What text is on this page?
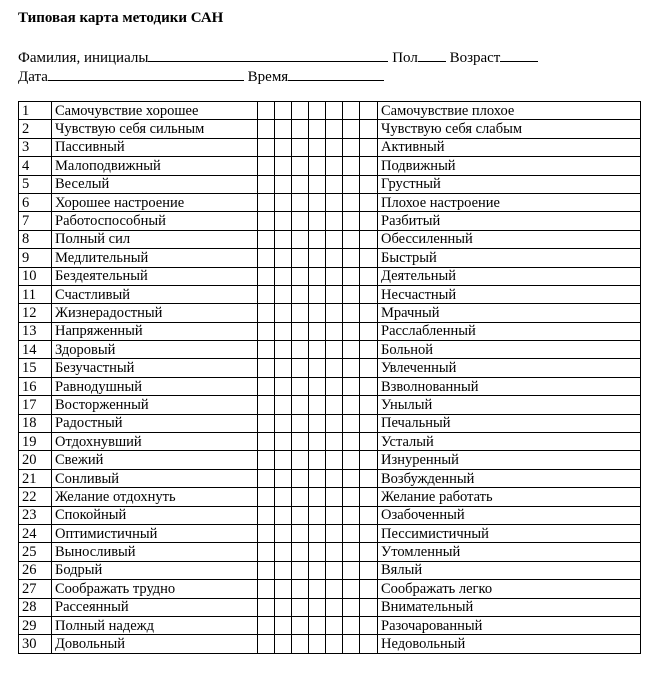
Типовая карта методики САН
Фамилия, инициалы	Пол Возраст
Дата	Время
1	Самочувствие хорошее								Самочувствие плохое
2	Чувствую себя сильным								Чувствую себя слабым
3	Пассивный								Активный
4	Малоподвижный								Подвижный
5	Веселый								Грустный
6	Хорошее настроение								Плохое настроение
7	Работоспособный								Разбитый
8	Полный сил								Обессиленный
9	Медлительный								Быстрый
10	Бездеятельный								Деятельный
11	Счастливый								Несчастный
12	Жизнерадостный								Мрачный
13	Напряженный								Расслабленный
14	Здоровый								Больной
15	Безучастный								Увлеченный
16	Равнодушный								Взволнованный
17	Восторженный								Унылый
18	Радостный								Печальный
19	Отдохнувший								Усталый
20	Свежий								Изнуренный
21	Сонливый								Возбужденный
22	Желание отдохнуть								Желание работать
23	Спокойный								Озабоченный
24	Оптимистичный								Пессимистичный
25	Выносливый								Утомленный
26	Бодрый								Вялый
27	Соображать трудно								Соображать легко
28	Рассеянный								Внимательный
29	Полный надежд								Разочарованный
30	Довольный								Недовольный
